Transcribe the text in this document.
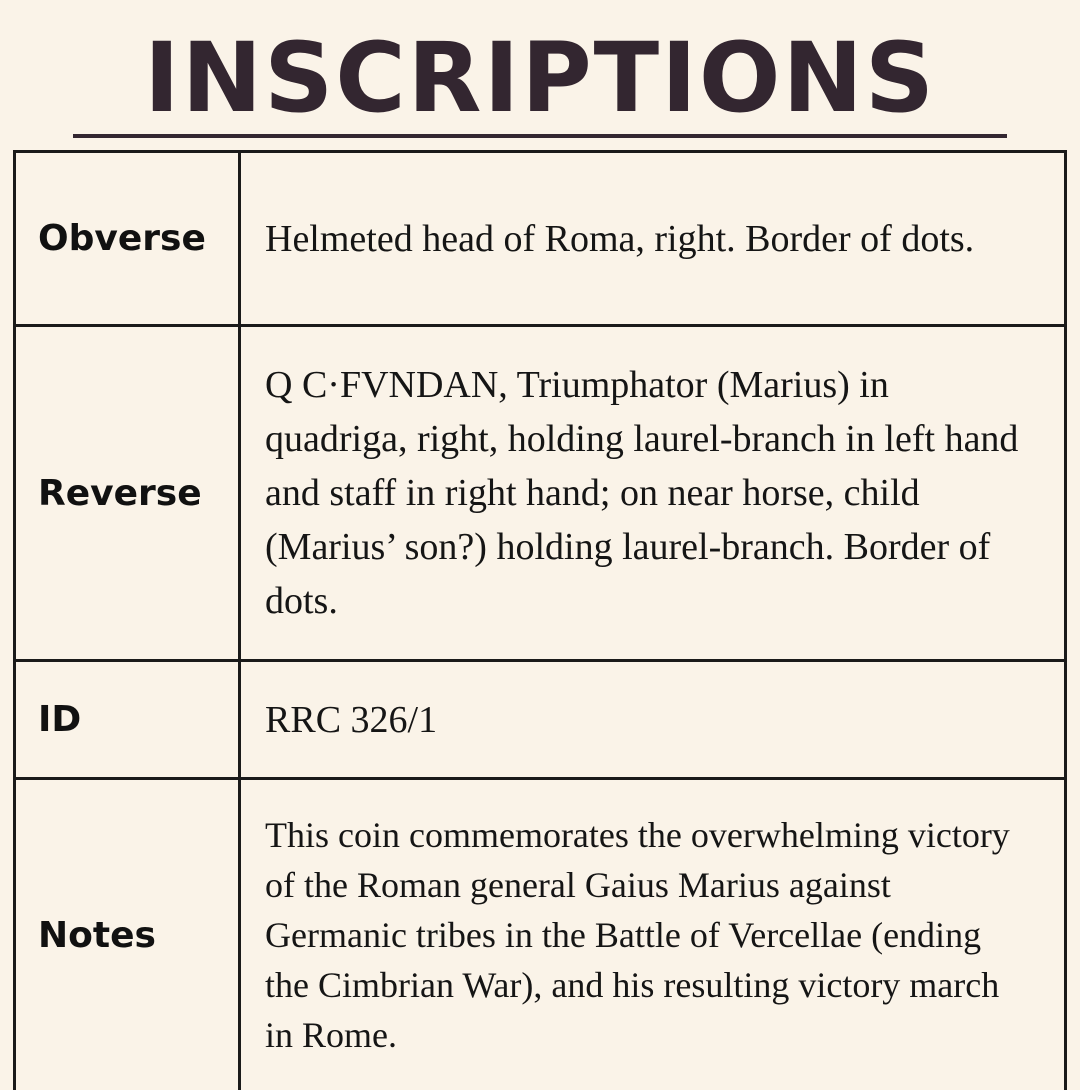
INSCRIPTIONS
Obverse Helmeted head of Roma, right. Border of dots.

Reverse

Q C·FVNDAN, Triumphator (Marius) in quadriga, right, holding laurel-branch in left hand and staff in right hand; on near horse, child (Marius’ son?) holding laurel-branch. Border of dots.

ID	RRC 326/1

Notes

This coin commemorates the overwhelming victory of the Roman general Gaius Marius against Germanic tribes in the Battle of Vercellae (ending the Cimbrian War), and his resulting victory march in Rome.
